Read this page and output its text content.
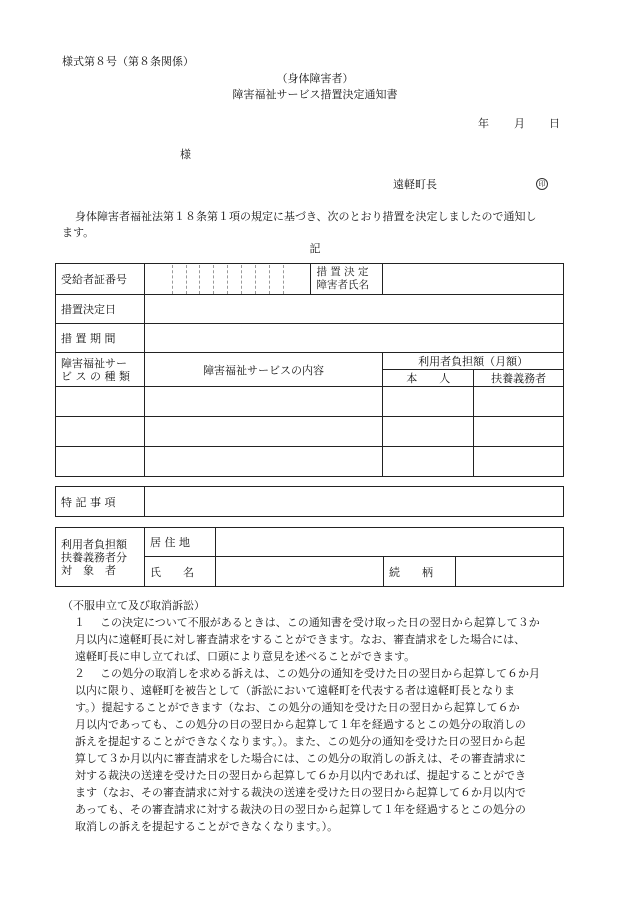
様式第８号（第８条関係）
（身体障害者）
障害福祉サービス措置決定通知書
年 月 日
様
遠軽町長	印
身体障害者福祉法第１８条第１項の規定に基づき、次のとおり措置を決定しましたので通知し
ます。
記
受給者証番号		措 置 決 定
障害者氏名		

措置決定日				
措 置 期 間				

障害福祉サー
ビ ス の 種 類	障害福祉サービスの内容		利用者負担額（月額）	
			本　　人	扶養義務者

特 記 事 項	
利用者負担額
扶養義務者分
対　象　者	居 住 地			
	氏　　名		続　　柄	

（不服申立て及び取消訴訟）

１ この決定について不服があるときは、この通知書を受け取った日の翌日から起算して３か

月以内に遠軽町長に対し審査請求をすることができます。なお、審査請求をした場合には、

遠軽町長に申し立てれば、口頭により意見を述べることができます。

２ この処分の取消しを求める訴えは、この処分の通知を受けた日の翌日から起算して６か月

以内に限り、遠軽町を被告として（訴訟において遠軽町を代表する者は遠軽町長となりま

す。）提起することができます（なお、この処分の通知を受けた日の翌日から起算して６か

月以内であっても、この処分の日の翌日から起算して１年を経過するとこの処分の取消しの

訴えを提起することができなくなります。）。また、この処分の通知を受けた日の翌日から起

算して３か月以内に審査請求をした場合には、この処分の取消しの訴えは、その審査請求に

対する裁決の送達を受けた日の翌日から起算して６か月以内であれば、提起することができ

ます（なお、その審査請求に対する裁決の送達を受けた日の翌日から起算して６か月以内で

あっても、その審査請求に対する裁決の日の翌日から起算して１年を経過するとこの処分の

取消しの訴えを提起することができなくなります。）。
